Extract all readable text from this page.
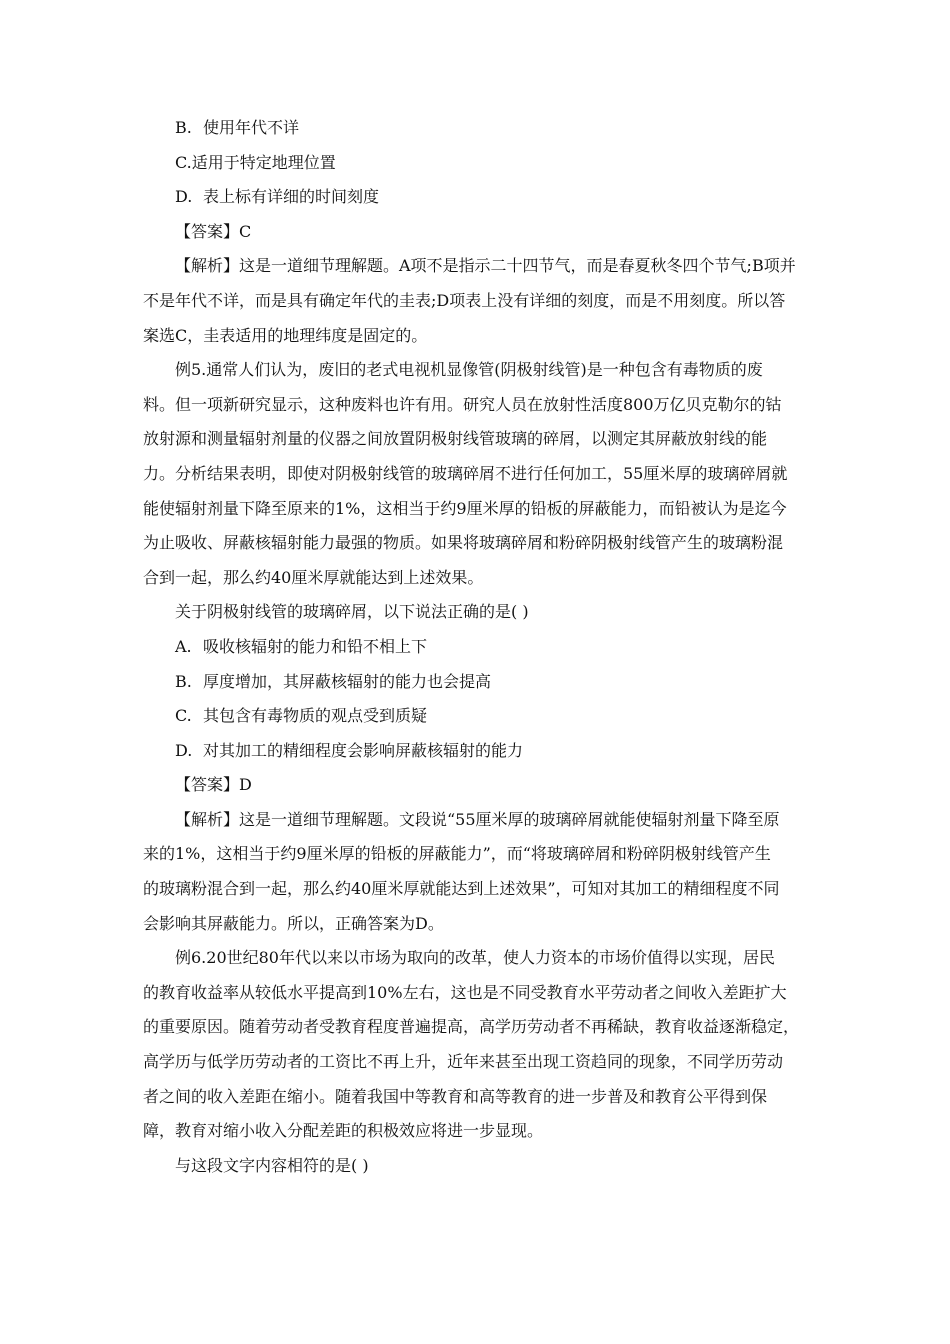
B. 使用年代不详
C.适用于特定地理位置
D. 表上标有详细的时间刻度
【答案】C
【解析】这是一道细节理解题。A项不是指示二十四节气，而是春夏秋冬四个节气;B项并
不是年代不详，而是具有确定年代的圭表;D项表上没有详细的刻度，而是不用刻度。所以答
案选C，圭表适用的地理纬度是固定的。
例5.通常人们认为，废旧的老式电视机显像管(阴极射线管)是一种包含有毒物质的废
料。但一项新研究显示，这种废料也许有用。研究人员在放射性活度800万亿贝克勒尔的钴
放射源和测量辐射剂量的仪器之间放置阴极射线管玻璃的碎屑，以测定其屏蔽放射线的能
力。分析结果表明，即使对阴极射线管的玻璃碎屑不进行任何加工，55厘米厚的玻璃碎屑就
能使辐射剂量下降至原来的1%，这相当于约9厘米厚的铅板的屏蔽能力，而铅被认为是迄今
为止吸收、屏蔽核辐射能力最强的物质。如果将玻璃碎屑和粉碎阴极射线管产生的玻璃粉混
合到一起，那么约40厘米厚就能达到上述效果。
关于阴极射线管的玻璃碎屑，以下说法正确的是( )
A. 吸收核辐射的能力和铅不相上下
B. 厚度增加，其屏蔽核辐射的能力也会提高
C. 其包含有毒物质的观点受到质疑
D. 对其加工的精细程度会影响屏蔽核辐射的能力
【答案】D
【解析】这是一道细节理解题。文段说“55厘米厚的玻璃碎屑就能使辐射剂量下降至原
来的1%，这相当于约9厘米厚的铅板的屏蔽能力”，而“将玻璃碎屑和粉碎阴极射线管产生
的玻璃粉混合到一起，那么约40厘米厚就能达到上述效果”，可知对其加工的精细程度不同
会影响其屏蔽能力。所以，正确答案为D。
例6.20世纪80年代以来以市场为取向的改革，使人力资本的市场价值得以实现，居民
的教育收益率从较低水平提高到10%左右，这也是不同受教育水平劳动者之间收入差距扩大
的重要原因。随着劳动者受教育程度普遍提高，高学历劳动者不再稀缺，教育收益逐渐稳定，
高学历与低学历劳动者的工资比不再上升，近年来甚至出现工资趋同的现象，不同学历劳动
者之间的收入差距在缩小。随着我国中等教育和高等教育的进一步普及和教育公平得到保
障，教育对缩小收入分配差距的积极效应将进一步显现。
与这段文字内容相符的是( )
